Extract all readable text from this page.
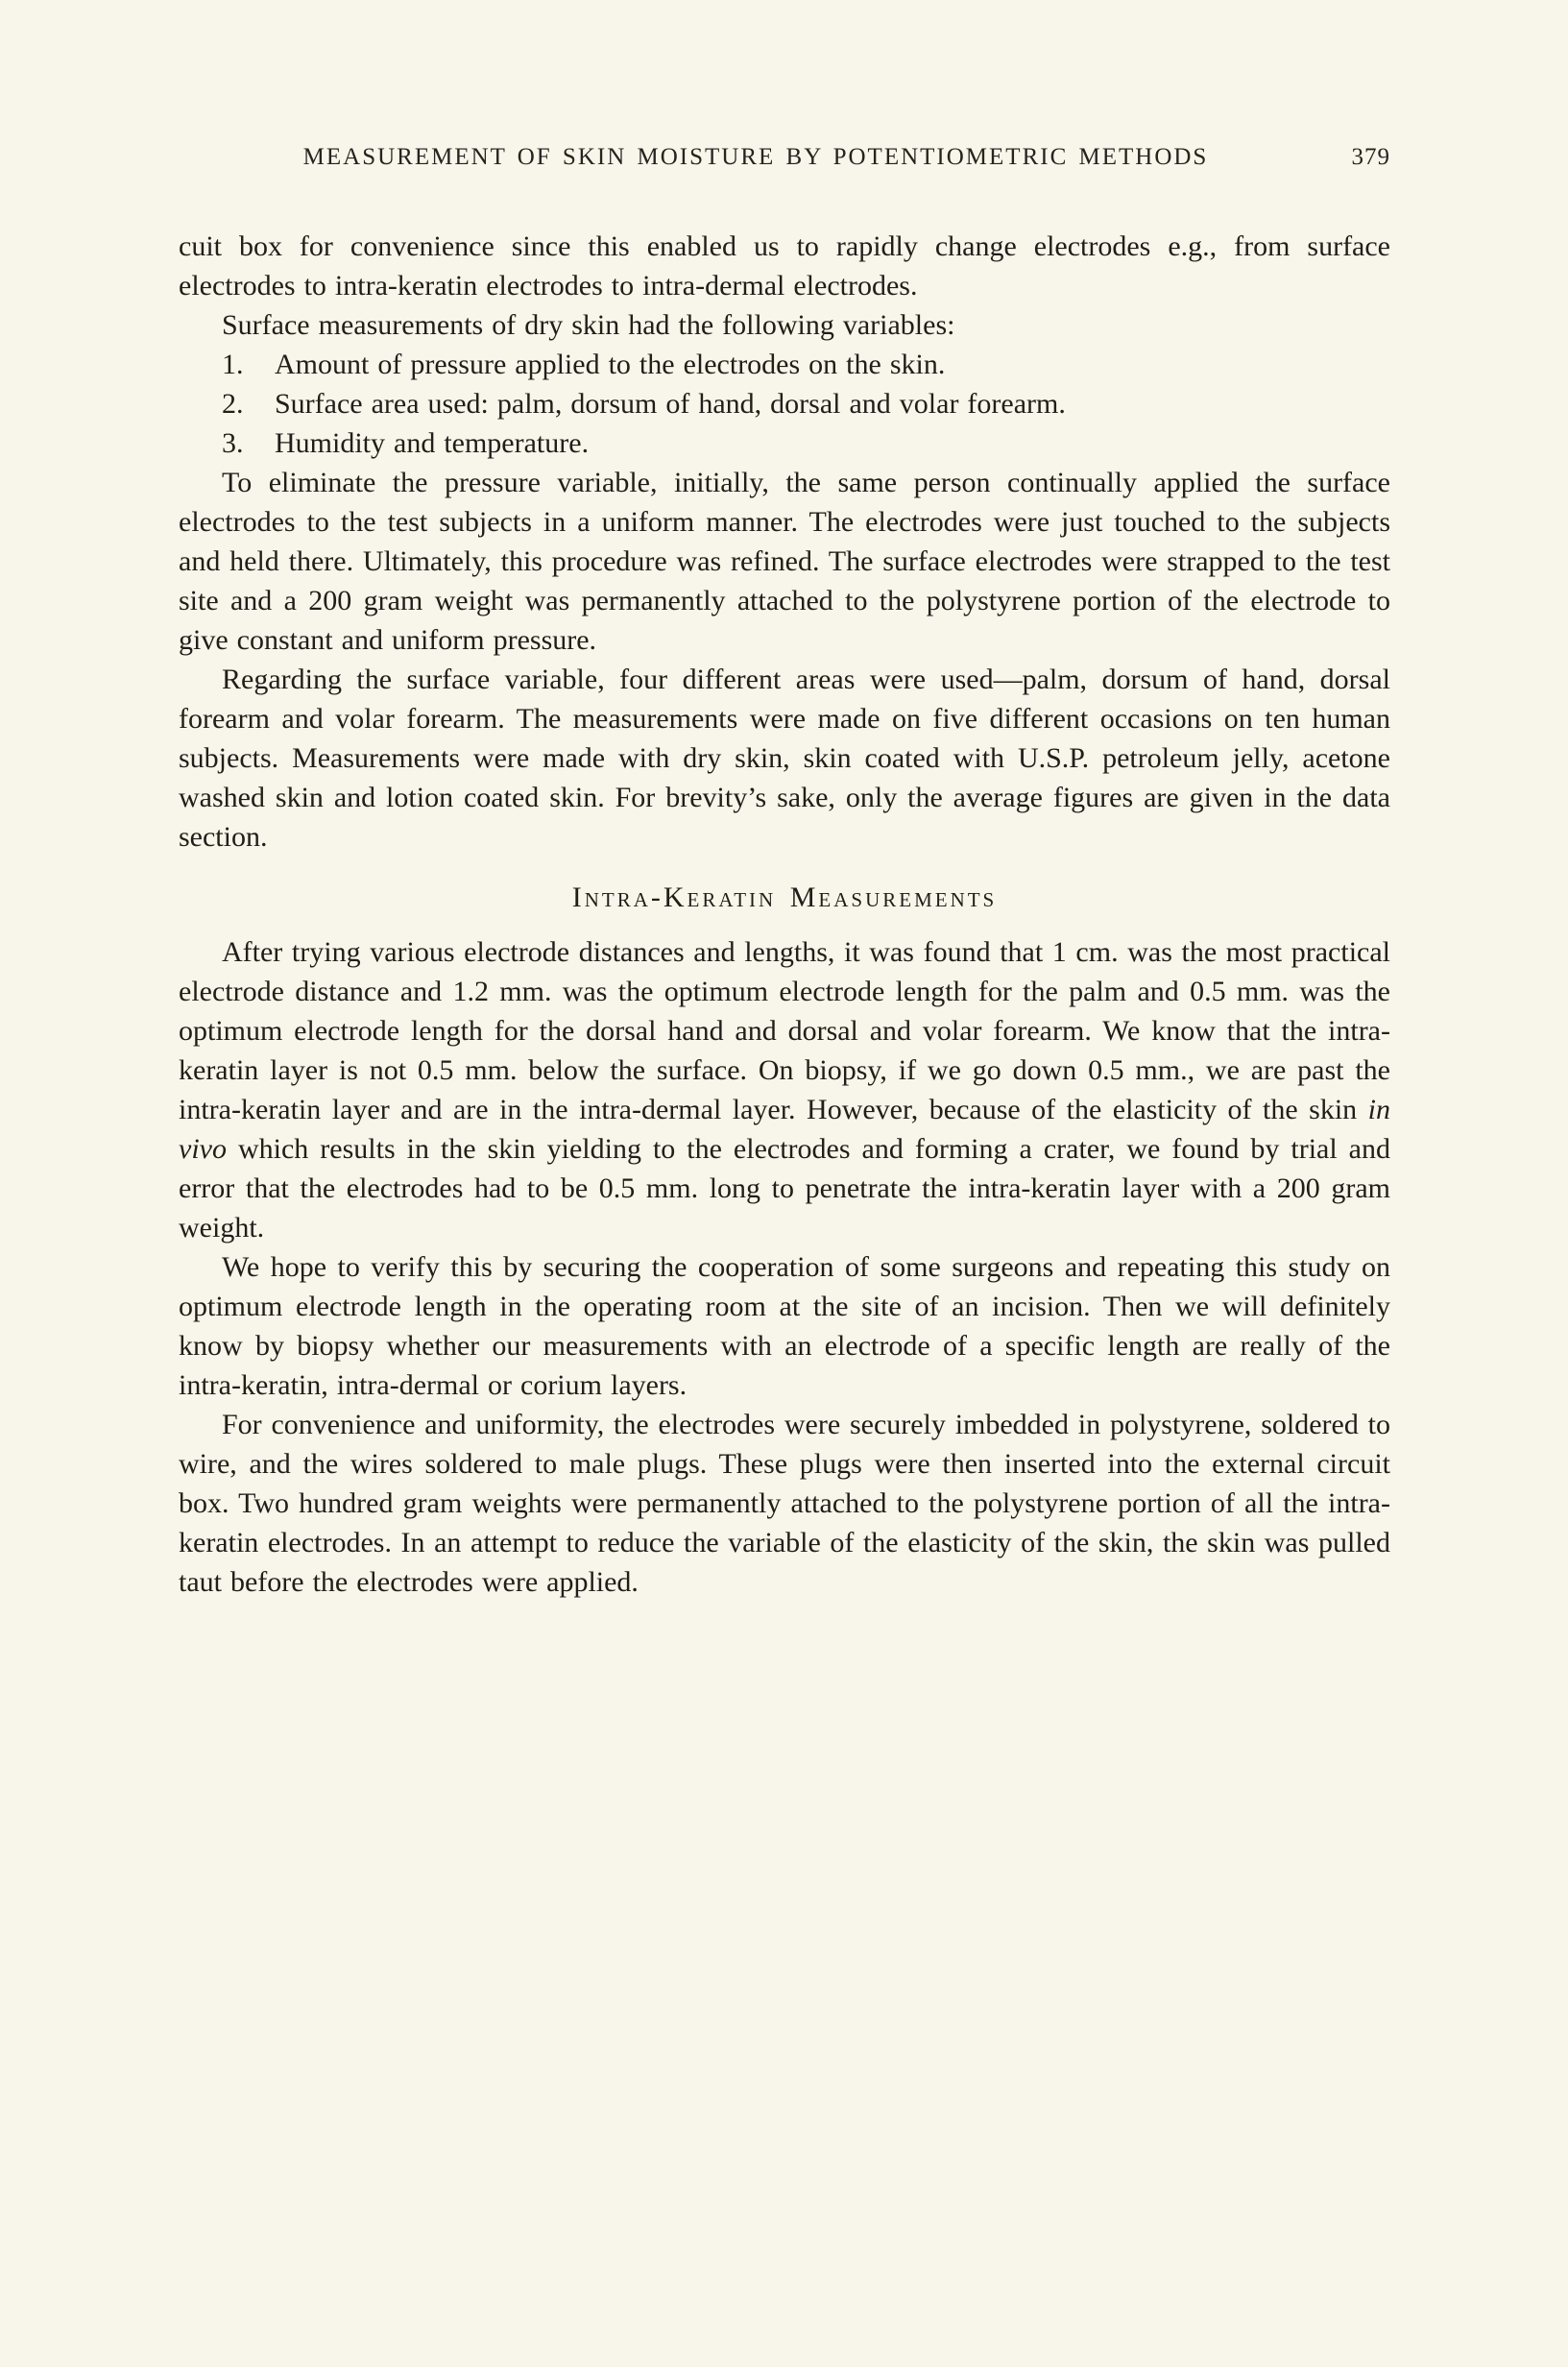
MEASUREMENT OF SKIN MOISTURE BY POTENTIOMETRIC METHODS	379

cuit box for convenience since this enabled us to rapidly change electrodes e.g., from surface electrodes to intra-keratin electrodes to intra-dermal electrodes.

Surface measurements of dry skin had the following variables:

1. Amount of pressure applied to the electrodes on the skin.

2. Surface area used: palm, dorsum of hand, dorsal and volar forearm.

3. Humidity and temperature.

To eliminate the pressure variable, initially, the same person continually applied the surface electrodes to the test subjects in a uniform manner. The electrodes were just touched to the subjects and held there. Ultimately, this procedure was refined. The surface electrodes were strapped to the test site and a 200 gram weight was permanently attached to the polystyrene portion of the electrode to give constant and uniform pressure.

Regarding the surface variable, four different areas were used—palm, dorsum of hand, dorsal forearm and volar forearm. The measurements were made on five different occasions on ten human subjects. Measurements were made with dry skin, skin coated with U.S.P. petroleum jelly, acetone washed skin and lotion coated skin. For brevity’s sake, only the average figures are given in the data section.

Intra-Keratin Measurements

After trying various electrode distances and lengths, it was found that 1 cm. was the most practical electrode distance and 1.2 mm. was the optimum electrode length for the palm and 0.5 mm. was the optimum electrode length for the dorsal hand and dorsal and volar forearm. We know that the intra-keratin layer is not 0.5 mm. below the surface. On biopsy, if we go down 0.5 mm., we are past the intra-keratin layer and are in the intra-dermal layer. However, because of the elasticity of the skin in vivo which results in the skin yielding to the electrodes and forming a crater, we found by trial and error that the electrodes had to be 0.5 mm. long to penetrate the intra-keratin layer with a 200 gram weight.

We hope to verify this by securing the cooperation of some surgeons and repeating this study on optimum electrode length in the operating room at the site of an incision. Then we will definitely know by biopsy whether our measurements with an electrode of a specific length are really of the intra-keratin, intra-dermal or corium layers.

For convenience and uniformity, the electrodes were securely imbedded in polystyrene, soldered to wire, and the wires soldered to male plugs. These plugs were then inserted into the external circuit box. Two hundred gram weights were permanently attached to the polystyrene portion of all the intra-keratin electrodes. In an attempt to reduce the variable of the elasticity of the skin, the skin was pulled taut before the electrodes were applied.
